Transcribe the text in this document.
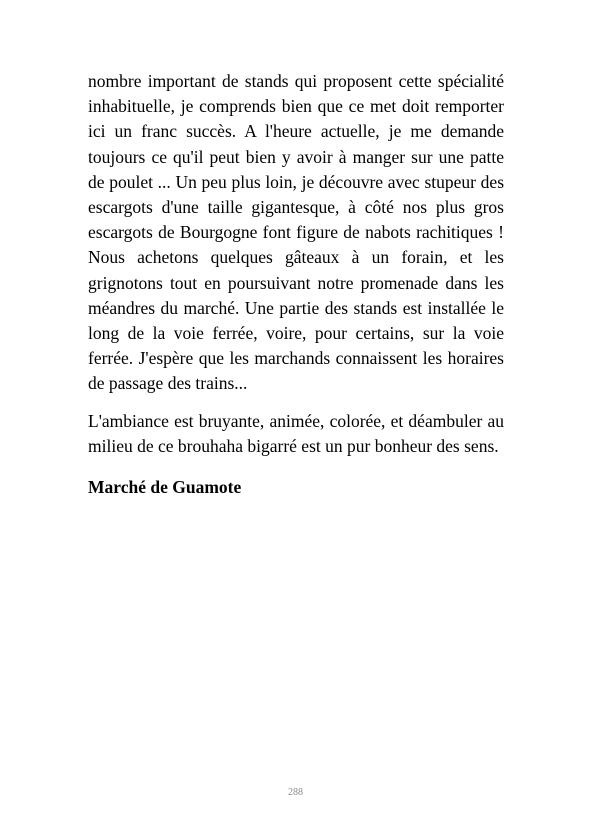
nombre important de stands qui proposent cette spécialité inhabituelle, je comprends bien que ce met doit remporter ici un franc succès. A l'heure actuelle, je me demande toujours ce qu'il peut bien y avoir à manger sur une patte de poulet ... Un peu plus loin, je découvre avec stupeur des escargots d'une taille gigantesque, à côté nos plus gros escargots de Bourgogne font figure de nabots rachitiques ! Nous achetons quelques gâteaux à un forain, et les grignotons tout en poursuivant notre promenade dans les méandres du marché. Une partie des stands est installée le long de la voie ferrée, voire, pour certains, sur la voie ferrée. J'espère que les marchands connaissent les horaires de passage des trains...

L'ambiance est bruyante, animée, colorée, et déambuler au milieu de ce brouhaha bigarré est un pur bonheur des sens.

Marché de Guamote

288
